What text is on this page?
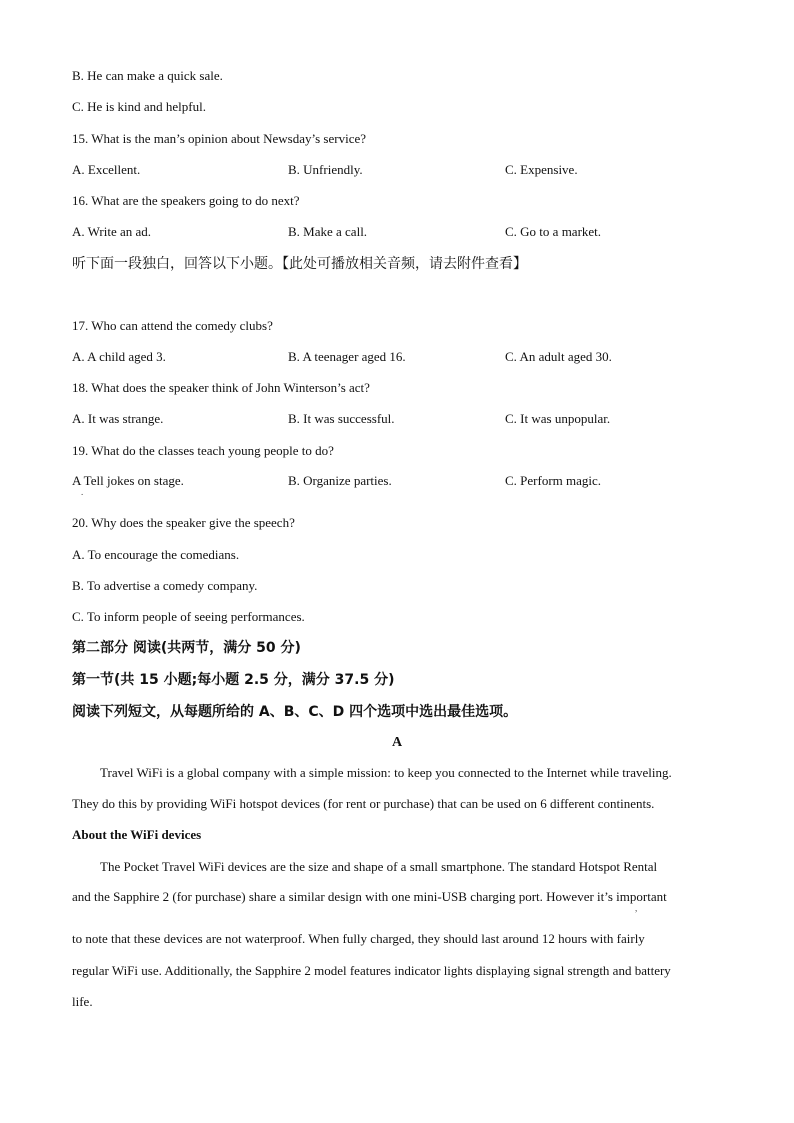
B. He can make a quick sale.
C. He is kind and helpful.
15. What is the man’s opinion about Newsday’s service?
A. Excellent.	B. Unfriendly.	C. Expensive.
16. What are the speakers going to do next?
A. Write an ad.	B. Make a call.	C. Go to a market.
听下面一段独白，回答以下小题。【此处可播放相关音频，请去附件查看】
17. Who can attend the comedy clubs?
A. A child aged 3.	B. A teenager aged 16.	C. An adult aged 30.
18. What does the speaker think of John Winterson’s act?
A. It was strange.	B. It was successful.	C. It was unpopular.
19. What do the classes teach young people to do?
A Tell jokes on stage.	B. Organize parties.	C. Perform magic.
.
20. Why does the speaker give the speech?
A. To encourage the comedians.
B. To advertise a comedy company.
C. To inform people of seeing performances.
第二部分 阅读(共两节，满分 50 分)
第一节(共 15 小题;每小题 2.5 分，满分 37.5 分)
阅读下列短文，从每题所给的 A、B、C、D 四个选项中选出最佳选项。
A
Travel WiFi is a global company with a simple mission: to keep you connected to the Internet while traveling.
They do this by providing WiFi hotspot devices (for rent or purchase) that can be used on 6 different continents.
About the WiFi devices
The Pocket Travel WiFi devices are the size and shape of a small smartphone. The standard Hotspot Rental
and the Sapphire 2 (for purchase) share a similar design with one mini-USB charging port. However it’s important
,
to note that these devices are not waterproof. When fully charged, they should last around 12 hours with fairly
regular WiFi use. Additionally, the Sapphire 2 model features indicator lights displaying signal strength and battery
life.
